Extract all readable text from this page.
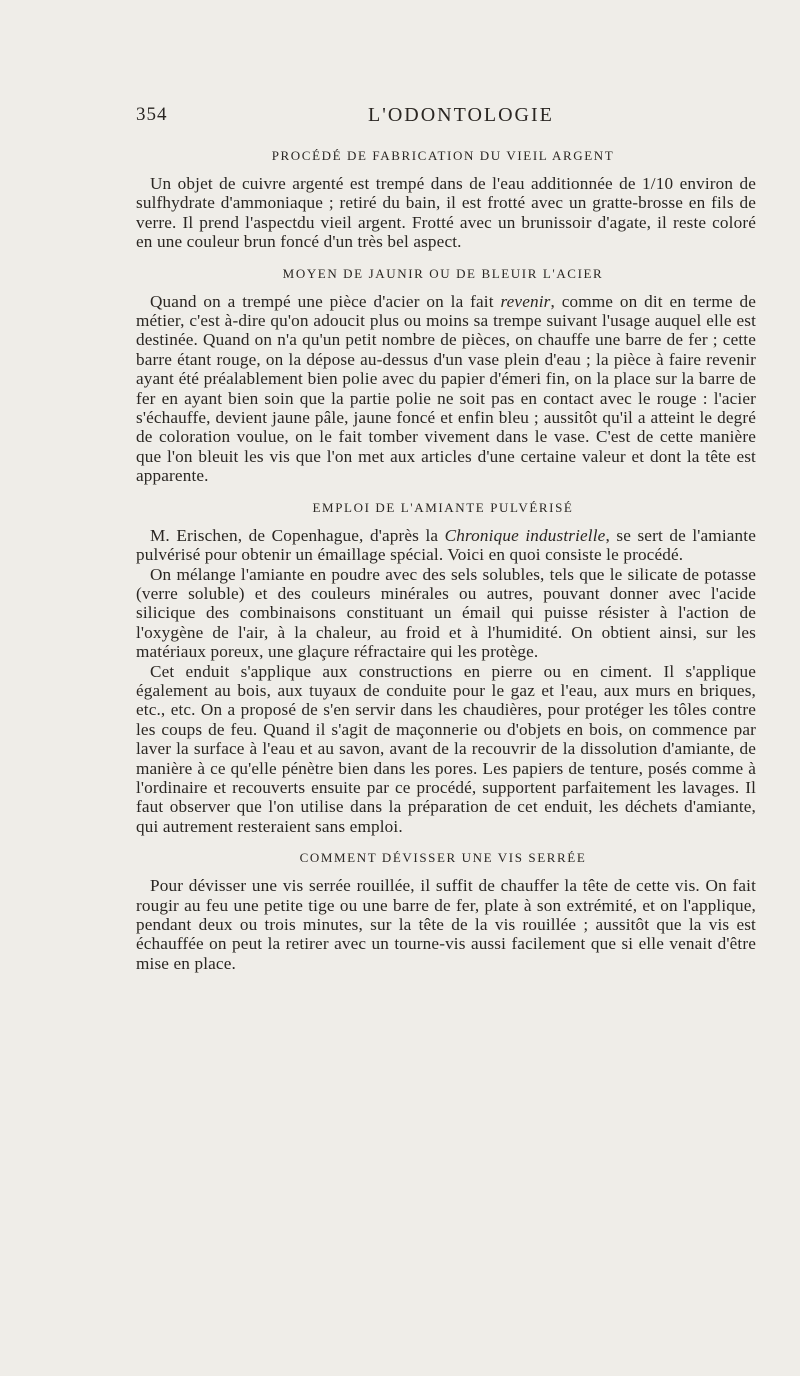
354	L'ODONTOLOGIE
PROCÉDÉ DE FABRICATION DU VIEIL ARGENT

Un objet de cuivre argenté est trempé dans de l'eau additionnée de 1/10 environ de sulfhydrate d'ammoniaque ; retiré du bain, il est frotté avec un gratte-brosse en fils de verre. Il prend l'aspectdu vieil argent. Frotté avec un brunissoir d'agate, il reste coloré en une couleur brun foncé d'un très bel aspect.

MOYEN DE JAUNIR OU DE BLEUIR L'ACIER

Quand on a trempé une pièce d'acier on la fait revenir, comme on dit en terme de métier, c'est à-dire qu'on adoucit plus ou moins sa trempe suivant l'usage auquel elle est destinée. Quand on n'a qu'un petit nombre de pièces, on chauffe une barre de fer ; cette barre étant rouge, on la dépose au-dessus d'un vase plein d'eau ; la pièce à faire revenir ayant été préalablement bien polie avec du papier d'émeri fin, on la place sur la barre de fer en ayant bien soin que la partie polie ne soit pas en contact avec le rouge : l'acier s'échauffe, devient jaune pâle, jaune foncé et enfin bleu ; aussitôt qu'il a atteint le degré de coloration voulue, on le fait tomber vivement dans le vase. C'est de cette manière que l'on bleuit les vis que l'on met aux articles d'une certaine valeur et dont la tête est apparente.

EMPLOI DE L'AMIANTE PULVÉRISÉ

M. Erischen, de Copenhague, d'après la Chronique industrielle, se sert de l'amiante pulvérisé pour obtenir un émaillage spécial. Voici en quoi consiste le procédé.

On mélange l'amiante en poudre avec des sels solubles, tels que le silicate de potasse (verre soluble) et des couleurs minérales ou autres, pouvant donner avec l'acide silicique des combinaisons constituant un émail qui puisse résister à l'action de l'oxygène de l'air, à la chaleur, au froid et à l'humidité. On obtient ainsi, sur les matériaux poreux, une glaçure réfractaire qui les protège.

Cet enduit s'applique aux constructions en pierre ou en ciment. Il s'applique également au bois, aux tuyaux de conduite pour le gaz et l'eau, aux murs en briques, etc., etc. On a proposé de s'en servir dans les chaudières, pour protéger les tôles contre les coups de feu. Quand il s'agit de maçonnerie ou d'objets en bois, on commence par laver la surface à l'eau et au savon, avant de la recouvrir de la dissolution d'amiante, de manière à ce qu'elle pénètre bien dans les pores. Les papiers de tenture, posés comme à l'ordinaire et recouverts ensuite par ce procédé, supportent parfaitement les lavages. Il faut observer que l'on utilise dans la préparation de cet enduit, les déchets d'amiante, qui autrement resteraient sans emploi.

COMMENT DÉVISSER UNE VIS SERRÉE

Pour dévisser une vis serrée rouillée, il suffit de chauffer la tête de cette vis. On fait rougir au feu une petite tige ou une barre de fer, plate à son extrémité, et on l'applique, pendant deux ou trois minutes, sur la tête de la vis rouillée ; aussitôt que la vis est échauffée on peut la retirer avec un tourne-vis aussi facilement que si elle venait d'être mise en place.
